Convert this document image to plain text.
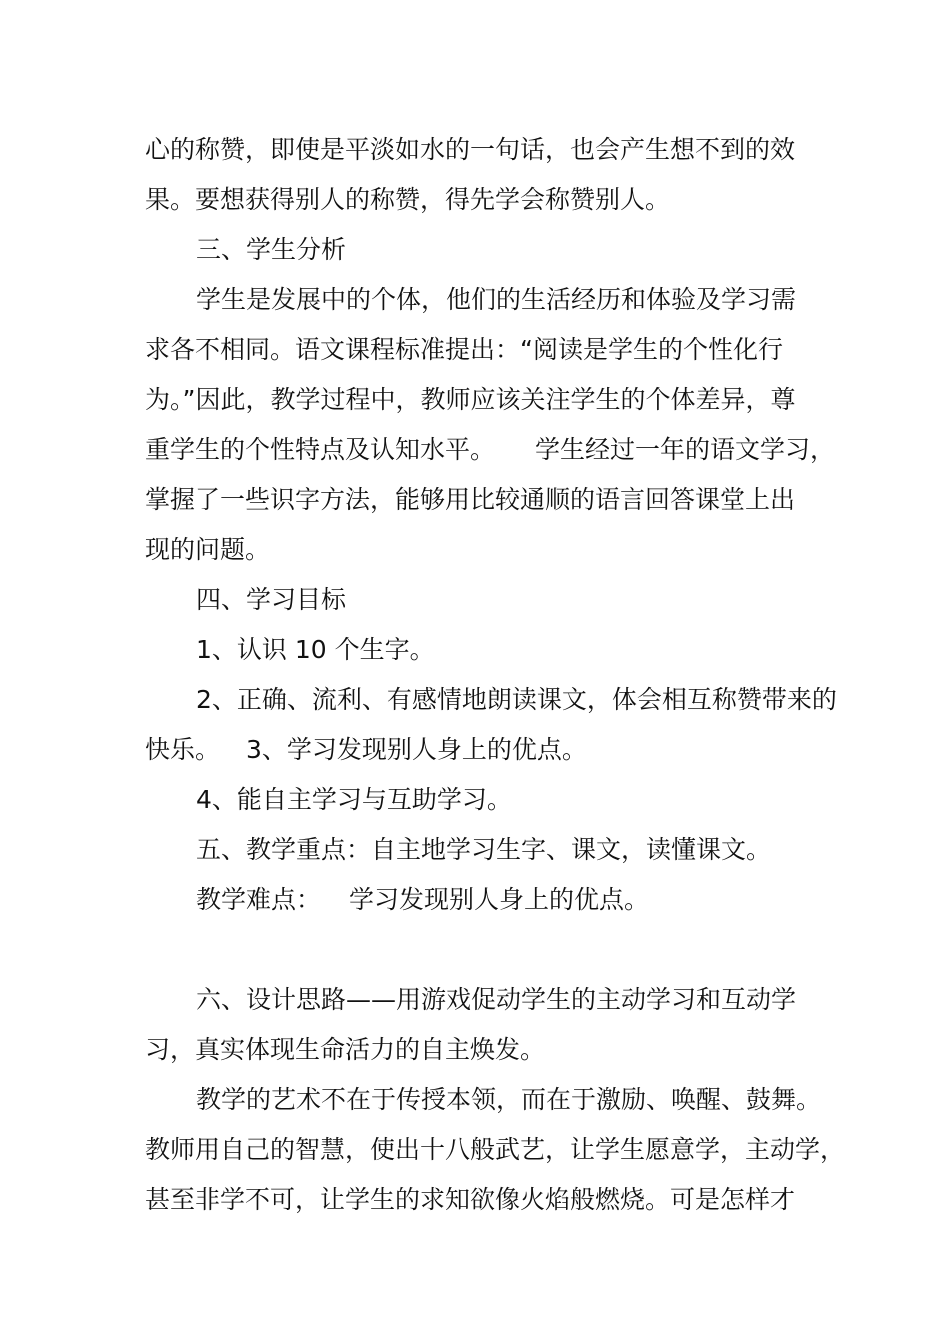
心的称赞，即使是平淡如水的一句话，也会产生想不到的效
果。要想获得别人的称赞，得先学会称赞别人。
三、学生分析
学生是发展中的个体，他们的生活经历和体验及学习需
求各不相同。语文课程标准提出：“阅读是学生的个性化行
为。”因此，教学过程中，教师应该关注学生的个体差异，尊
重学生的个性特点及认知水平。 学生经过一年的语文学习，
掌握了一些识字方法，能够用比较通顺的语言回答课堂上出
现的问题。
四、学习目标
1、认识 10 个生字。
2、正确、流利、有感情地朗读课文，体会相互称赞带来的
快乐。 3、学习发现别人身上的优点。
4、能自主学习与互助学习。
五、教学重点：自主地学习生字、课文，读懂课文。
教学难点： 学习发现别人身上的优点。
六、设计思路——用游戏促动学生的主动学习和互动学
习，真实体现生命活力的自主焕发。
教学的艺术不在于传授本领，而在于激励、唤醒、鼓舞。
教师用自己的智慧，使出十八般武艺，让学生愿意学，主动学，
甚至非学不可，让学生的求知欲像火焰般燃烧。可是怎样才
